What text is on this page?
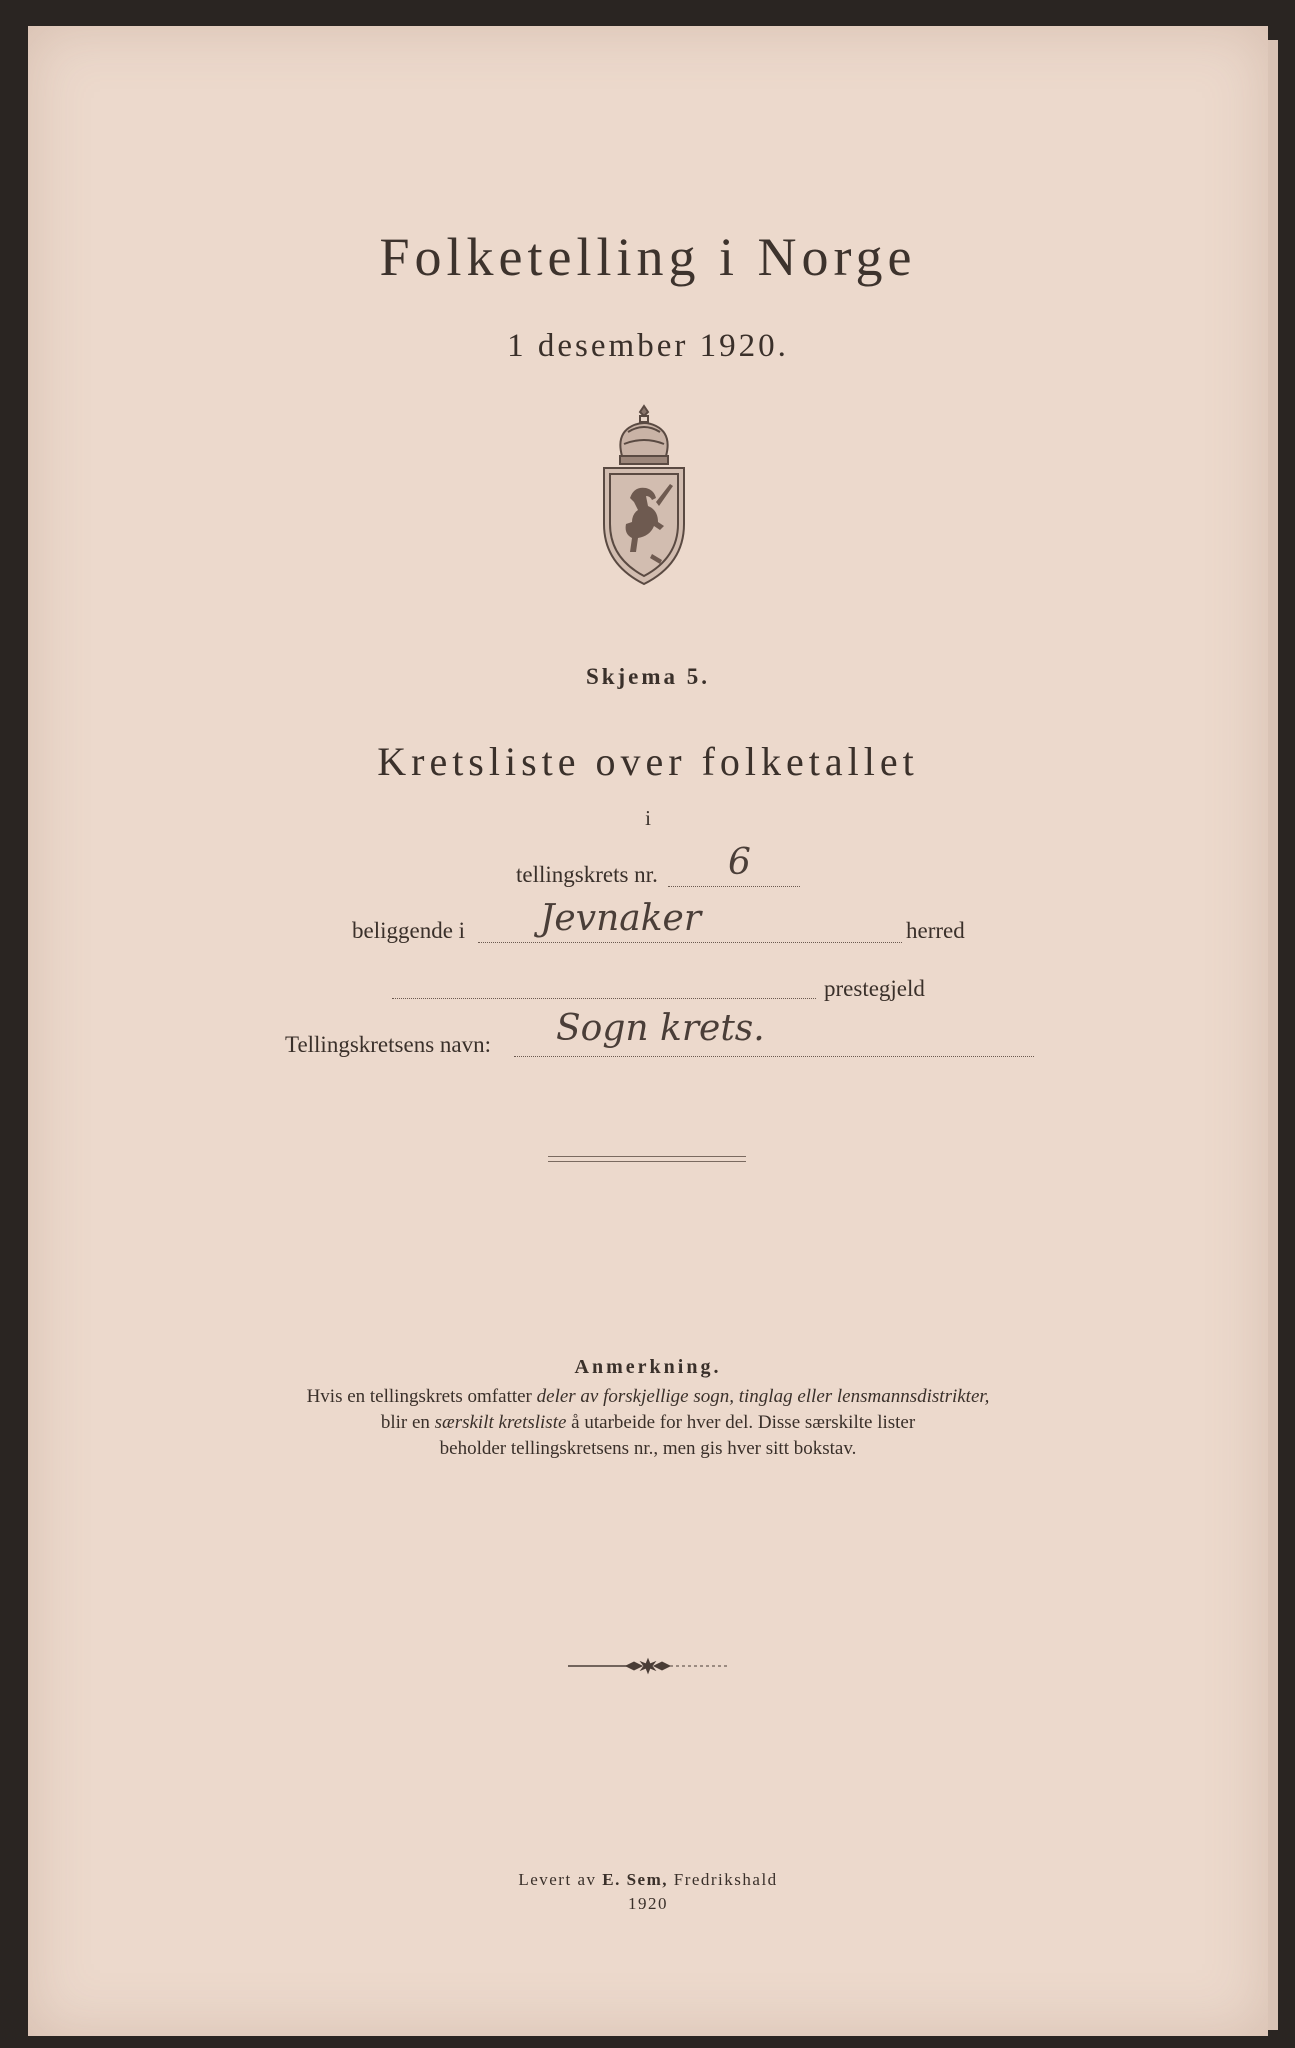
Folketelling i Norge
1 desember 1920.
Skjema 5.
Kretsliste over folketallet
i
tellingskrets nr. 6
beliggende i Jevnaker	herred
prestegjeld
Tellingskretsens navn: Sogn krets.
Anmerkning.
Hvis en tellingskrets omfatter deler av forskjellige sogn, tinglag eller lensmannsdistrikter,
blir en særskilt kretsliste å utarbeide for hver del. Disse særskilte lister
beholder tellingskretsens nr., men gis hver sitt bokstav.
Levert av E. Sem, Fredrikshald
1920
